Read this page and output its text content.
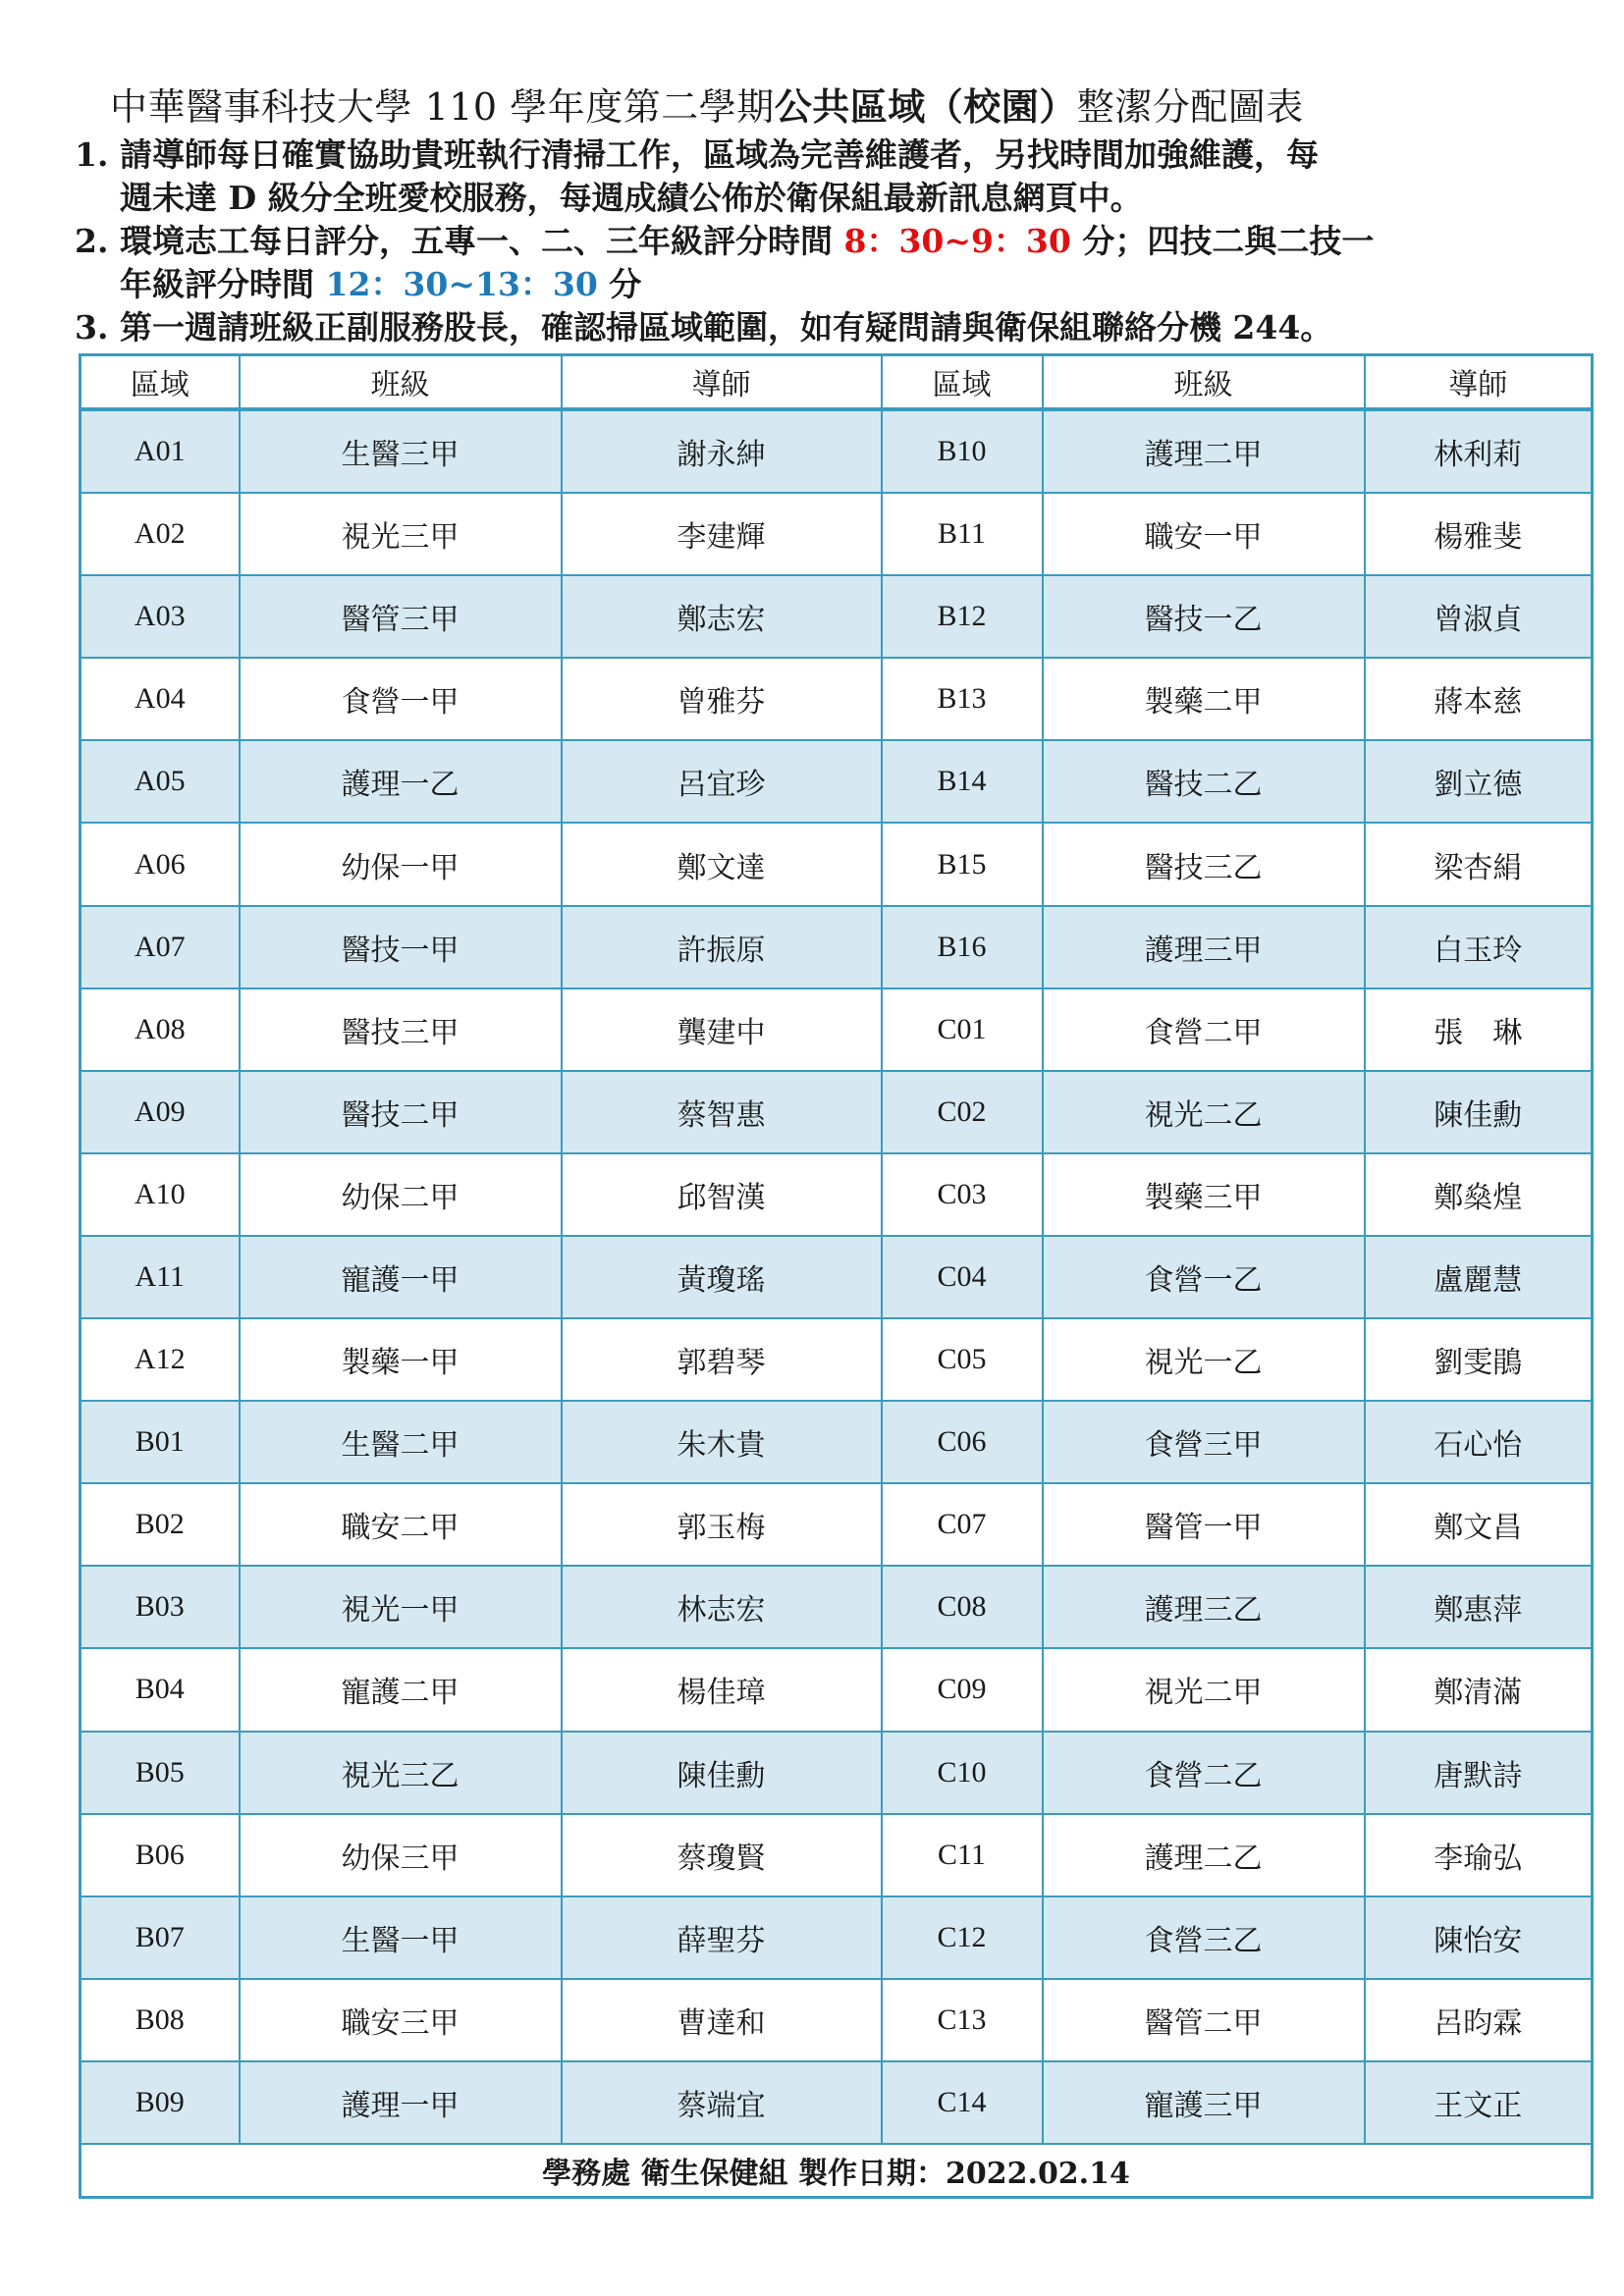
中華醫事科技大學 110 學年度第二學期公共區域（校園）整潔分配圖表
1. 請導師每日確實協助貴班執行清掃工作，區域為完善維護者，另找時間加強維護，每
週未達 D 級分全班愛校服務，每週成績公佈於衛保組最新訊息網頁中。
2. 環境志工每日評分，五專一、二、三年級評分時間 8：30~9：30 分；四技二與二技一
年級評分時間 12：30~13：30 分
3. 第一週請班級正副服務股長，確認掃區域範圍，如有疑問請與衛保組聯絡分機 244。
區域	班級	導師	區域	班級	導師
A01	生醫三甲	謝永紳	B10	護理二甲	林利莉
A02	視光三甲	李建輝	B11	職安一甲	楊雅斐
A03	醫管三甲	鄭志宏	B12	醫技一乙	曾淑貞
A04	食營一甲	曾雅芬	B13	製藥二甲	蔣本慈
A05	護理一乙	呂宜珍	B14	醫技二乙	劉立德
A06	幼保一甲	鄭文達	B15	醫技三乙	梁杏絹
A07	醫技一甲	許振原	B16	護理三甲	白玉玲
A08	醫技三甲	龔建中	C01	食營二甲	張　琳
A09	醫技二甲	蔡智惠	C02	視光二乙	陳佳勳
A10	幼保二甲	邱智漢	C03	製藥三甲	鄭燊煌
A11	寵護一甲	黃瓊瑤	C04	食營一乙	盧麗慧
A12	製藥一甲	郭碧琴	C05	視光一乙	劉雯鵑
B01	生醫二甲	朱木貴	C06	食營三甲	石心怡
B02	職安二甲	郭玉梅	C07	醫管一甲	鄭文昌
B03	視光一甲	林志宏	C08	護理三乙	鄭惠萍
B04	寵護二甲	楊佳璋	C09	視光二甲	鄭清滿
B05	視光三乙	陳佳勳	C10	食營二乙	唐默詩
B06	幼保三甲	蔡瓊賢	C11	護理二乙	李瑜弘
B07	生醫一甲	薛聖芬	C12	食營三乙	陳怡安
B08	職安三甲	曹達和	C13	醫管二甲	呂昀霖
B09	護理一甲	蔡端宜	C14	寵護三甲	王文正
學務處 衛生保健組 製作日期：2022.02.14					
